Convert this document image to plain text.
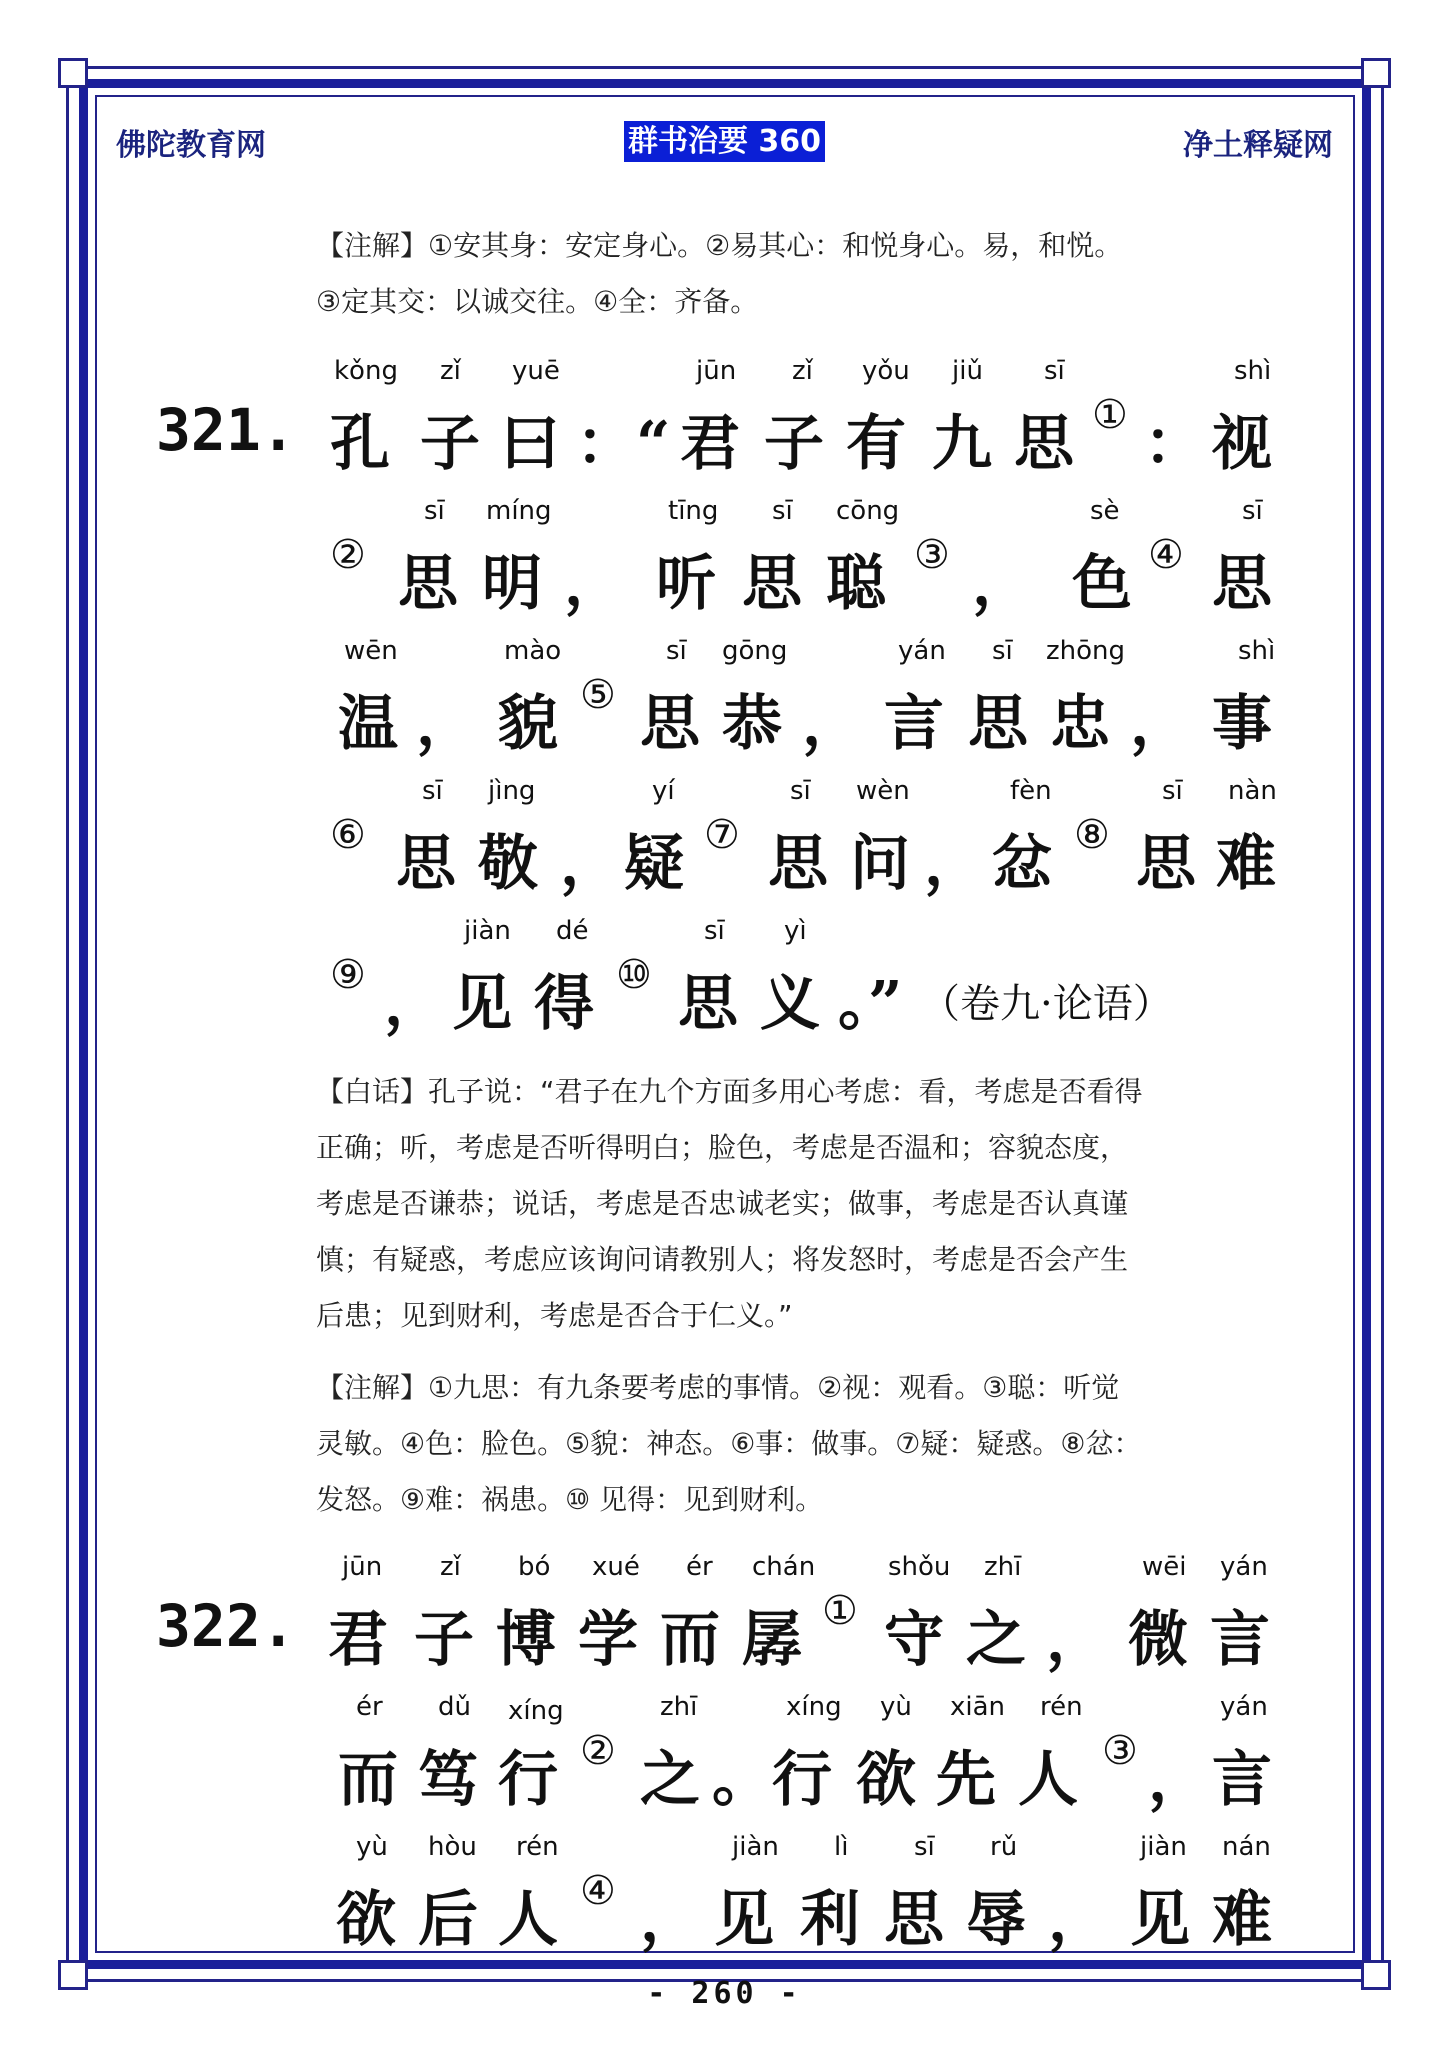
佛陀教育网	群书治要 360	净土释疑网
【注解】①安其身：安定身心。②易其心：和悦身心。易，和悦。
③定其交：以诚交往。④全：齐备。
321.
kǒng zǐ yuē	jūn zǐ yǒu jiǔ sī	shì
孔 子 曰 ：“ 君 子 有 九 思 ① ： 视
sī míng	tīng sī cōng	sè	sī
② 思 明 ， 听 思 聪 ③ ， 色 ④ 思
wēn	mào	sī gōng	yán sī zhōng	shì
温 ， 貌 ⑤ 思 恭 ， 言 思 忠 ， 事
sī jìng	yí	sī wèn	fèn	sī nàn
⑥ 思 敬 ， 疑 ⑦ 思 问 ， 忿 ⑧ 思 难
jiàn dé	sī yì
⑨ ， 见 得 ⑩ 思 义 。” （卷九·论语）
【白话】孔子说：“君子在九个方面多用心考虑：看，考虑是否看得
正确；听，考虑是否听得明白；脸色，考虑是否温和；容貌态度，
考虑是否谦恭；说话，考虑是否忠诚老实；做事，考虑是否认真谨
慎；有疑惑，考虑应该询问请教别人；将发怒时，考虑是否会产生
后患；见到财利，考虑是否合于仁义。”
【注解】①九思：有九条要考虑的事情。②视：观看。③聪：听觉
灵敏。④色：脸色。⑤貌：神态。⑥事：做事。⑦疑：疑惑。⑧忿：
发怒。⑨难：祸患。⑩ 见得：见到财利。
322.
jūn zǐ bó xué ér chán	shǒu zhī	wēi yán
君 子 博 学 而 孱 ① 守 之 ， 微 言
ér dǔ xíng	zhī	xíng yù xiān rén	yán
而 笃 行 ② 之 。 行 欲 先 人 ③ ， 言
yù hòu rén	jiàn lì	sī rǔ	jiàn nán
欲 后 人 ④ ， 见 利 思 辱 ， 见 难
- 260 -
